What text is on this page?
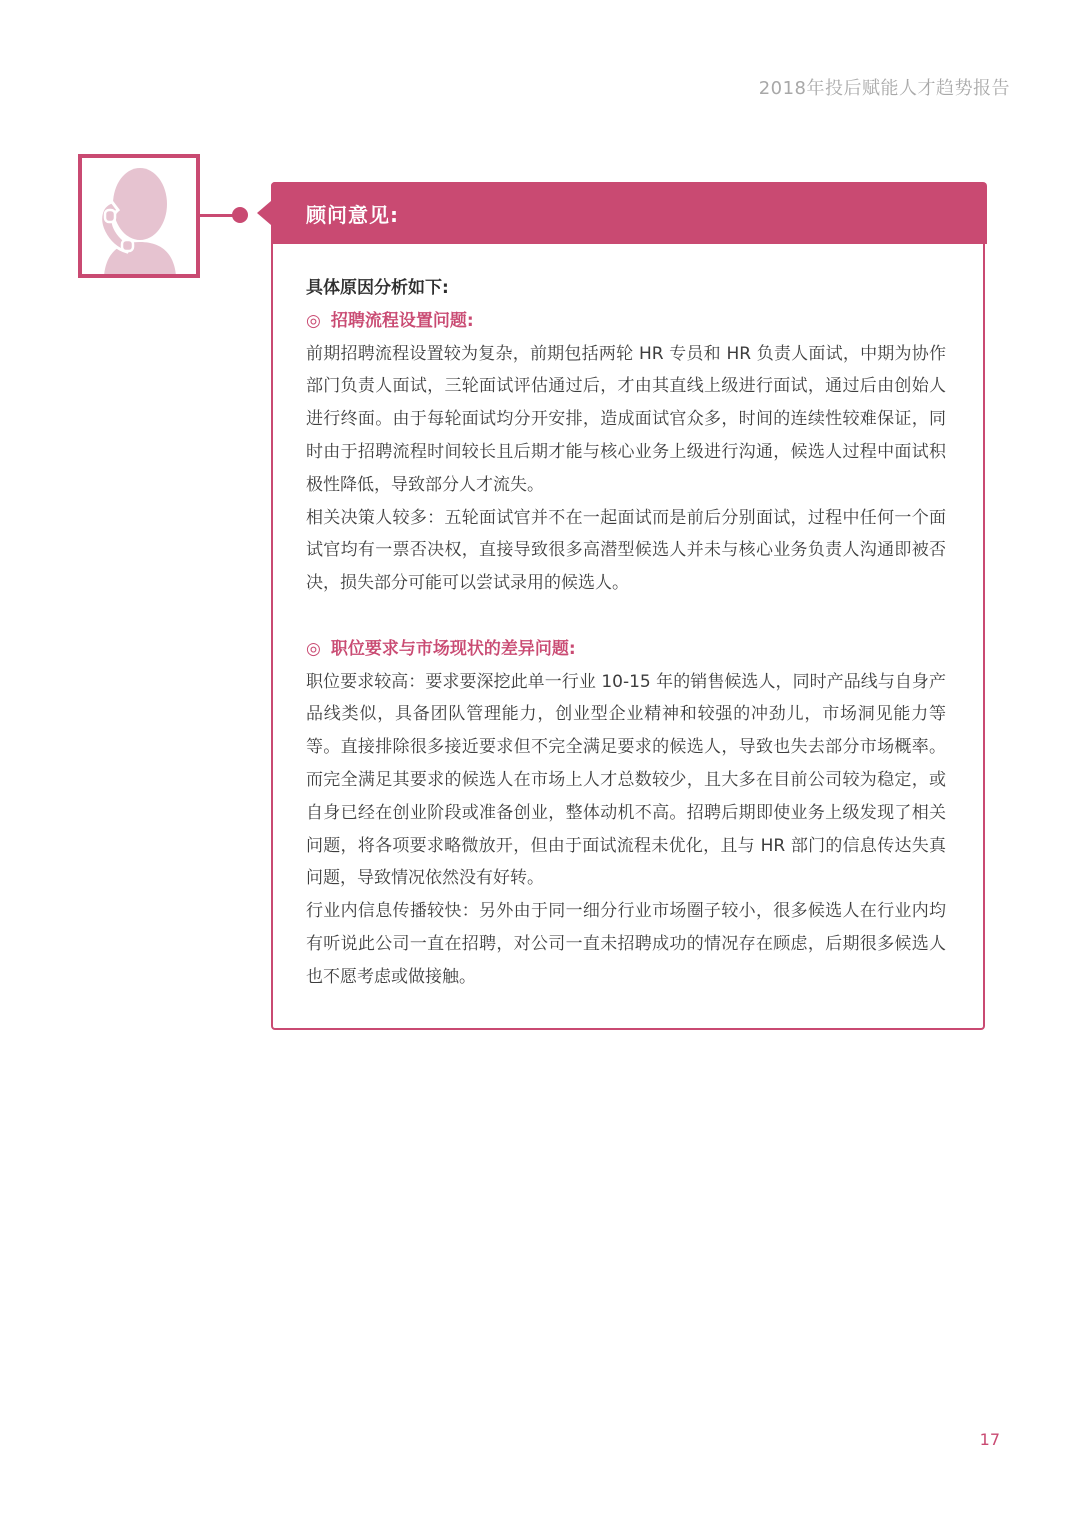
2018年投后赋能人才趋势报告
顾问意见:

具体原因分析如下:

◎ 招聘流程设置问题:

前期招聘流程设置较为复杂，前期包括两轮 HR 专员和 HR 负责人面试，中期为协作部门负责人面试，三轮面试评估通过后，才由其直线上级进行面试，通过后由创始人进行终面。由于每轮面试均分开安排，造成面试官众多，时间的连续性较难保证，同时由于招聘流程时间较长且后期才能与核心业务上级进行沟通，候选人过程中面试积极性降低，导致部分人才流失。

相关决策人较多：五轮面试官并不在一起面试而是前后分别面试，过程中任何一个面试官均有一票否决权，直接导致很多高潜型候选人并未与核心业务负责人沟通即被否决，损失部分可能可以尝试录用的候选人。

◎ 职位要求与市场现状的差异问题:

职位要求较高：要求要深挖此单一行业 10-15 年的销售候选人，同时产品线与自身产品线类似，具备团队管理能力，创业型企业精神和较强的冲劲儿，市场洞见能力等等。直接排除很多接近要求但不完全满足要求的候选人，导致也失去部分市场概率。而完全满足其要求的候选人在市场上人才总数较少，且大多在目前公司较为稳定，或自身已经在创业阶段或准备创业，整体动机不高。招聘后期即使业务上级发现了相关问题，将各项要求略微放开，但由于面试流程未优化，且与 HR 部门的信息传达失真问题，导致情况依然没有好转。

行业内信息传播较快：另外由于同一细分行业市场圈子较小，很多候选人在行业内均有听说此公司一直在招聘，对公司一直未招聘成功的情况存在顾虑，后期很多候选人也不愿考虑或做接触。

17
